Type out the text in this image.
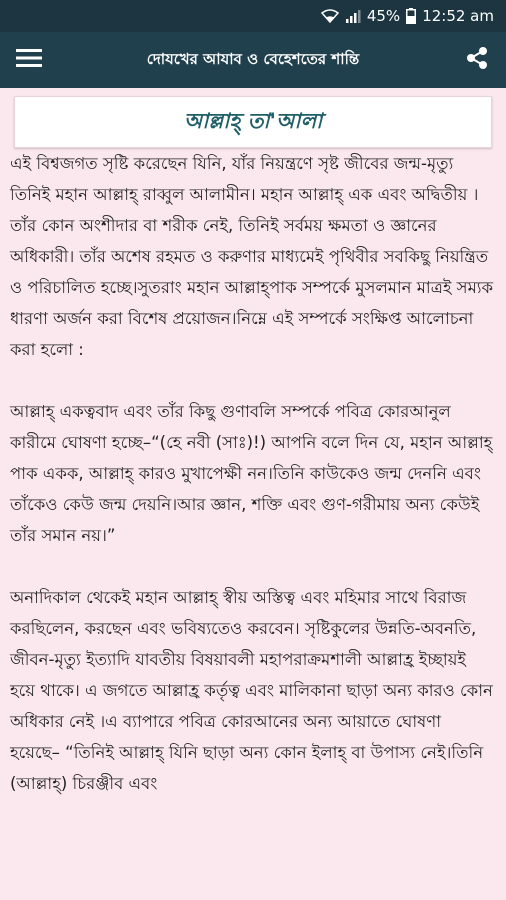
45% 12:52 am
দোযখের আযাব ও বেহেশতের শান্তি
আল্লাহ্ তা'আলা

এই বিশ্বজগত সৃষ্টি করেছেন যিনি, যাঁর নিয়ন্ত্রণে সৃষ্ট জীবের জন্ম-মৃত্যু তিনিই মহান আল্লাহ্ রাব্বুল আলামীন। মহান আল্লাহ্ এক এবং অদ্বিতীয় ।তাঁর কোন অংশীদার বা শরীক নেই, তিনিই সর্বময় ক্ষমতা ও জ্ঞানের অধিকারী। তাঁর অশেষ রহমত ও করুণার মাধ্যমেই পৃথিবীর সবকিছু নিয়ন্ত্রিত ও পরিচালিত হচ্ছে।সুতরাং মহান আল্লাহ্পাক সম্পর্কে মুসলমান মাত্রই সম্যক ধারণা অর্জন করা বিশেষ প্রয়োজন।নিম্নে এই সম্পর্কে সংক্ষিপ্ত আলোচনা করা হলো :

আল্লাহ্ একত্ববাদ এবং তাঁর কিছু গুণাবলি সম্পর্কে পবিত্র কোরআনুল কারীমে ঘোষণা হচ্ছে–“(হে নবী (সাঃ)!) আপনি বলে দিন যে, মহান আল্লাহ্ পাক একক, আল্লাহ্ কারও মুখাপেক্ষী নন।তিনি কাউকেও জন্ম দেননি এবং তাঁকেও কেউ জন্ম দেয়নি।আর জ্ঞান, শক্তি এবং গুণ-গরীমায় অন্য কেউই তাঁর সমান নয়।”

অনাদিকাল থেকেই মহান আল্লাহ্ স্বীয় অস্তিত্ব এবং মহিমার সাথে বিরাজ করছিলেন, করছেন এবং ভবিষ্যতেও করবেন। সৃষ্টিকুলের উন্নতি-অবনতি, জীবন-মৃত্যু ইত্যাদি যাবতীয় বিষয়াবলী মহাপরাক্রমশালী আল্লাহ্র ইচ্ছায়ই হয়ে থাকে। এ জগতে আল্লাহ্র কর্তৃত্ব এবং মালিকানা ছাড়া অন্য কারও কোন অধিকার নেই ।এ ব্যাপারে পবিত্র কোরআনের অন্য আয়াতে ঘোষণা হয়েছে– “তিনিই আল্লাহ্ যিনি ছাড়া অন্য কোন ইলাহ্ বা উপাস্য নেই।তিনি (আল্লাহ্) চিরঞ্জীব এবং
